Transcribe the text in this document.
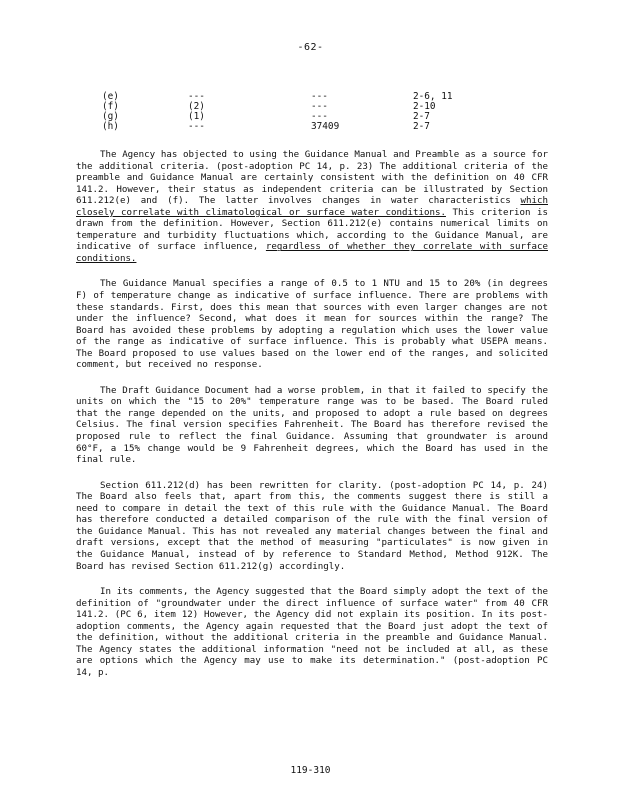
-62-
(e)	---	---	2-6, 11
(f)	(2)	---	2-10
(g)	(1)	---	2-7
(h)	---	37409	2-7

The Agency has objected to using the Guidance Manual and Preamble as a source for the additional criteria. (post-adoption PC 14, p. 23) The additional criteria of the preamble and Guidance Manual are certainly consistent with the definition on 40 CFR 141.2. However, their status as independent criteria can be illustrated by Section 611.212(e) and (f). The latter involves changes in water characteristics which closely correlate with climatological or surface water conditions. This criterion is drawn from the definition. However, Section 611.212(e) contains numerical limits on temperature and turbidity fluctuations which, according to the Guidance Manual, are indicative of surface influence, regardless of whether they correlate with surface conditions.

The Guidance Manual specifies a range of 0.5 to 1 NTU and 15 to 20% (in degrees F) of temperature change as indicative of surface influence. There are problems with these standards. First, does this mean that sources with even larger changes are not under the influence? Second, what does it mean for sources within the range? The Board has avoided these problems by adopting a regulation which uses the lower value of the range as indicative of surface influence. This is probably what USEPA means. The Board proposed to use values based on the lower end of the ranges, and solicited comment, but received no response.

The Draft Guidance Document had a worse problem, in that it failed to specify the units on which the "15 to 20%" temperature range was to be based. The Board ruled that the range depended on the units, and proposed to adopt a rule based on degrees Celsius. The final version specifies Fahrenheit. The Board has therefore revised the proposed rule to reflect the final Guidance. Assuming that groundwater is around 60°F, a 15% change would be 9 Fahrenheit degrees, which the Board has used in the final rule.

Section 611.212(d) has been rewritten for clarity. (post-adoption PC 14, p. 24) The Board also feels that, apart from this, the comments suggest there is still a need to compare in detail the text of this rule with the Guidance Manual. The Board has therefore conducted a detailed comparison of the rule with the final version of the Guidance Manual. This has not revealed any material changes between the final and draft versions, except that the method of measuring "particulates" is now given in the Guidance Manual, instead of by reference to Standard Method, Method 912K. The Board has revised Section 611.212(g) accordingly.

In its comments, the Agency suggested that the Board simply adopt the text of the definition of "groundwater under the direct influence of surface water" from 40 CFR 141.2. (PC 6, item 12) However, the Agency did not explain its position. In its post-adoption comments, the Agency again requested that the Board just adopt the text of the definition, without the additional criteria in the preamble and Guidance Manual. The Agency states the additional information "need not be included at all, as these are options which the Agency may use to make its determination." (post-adoption PC 14, p.

119-310
